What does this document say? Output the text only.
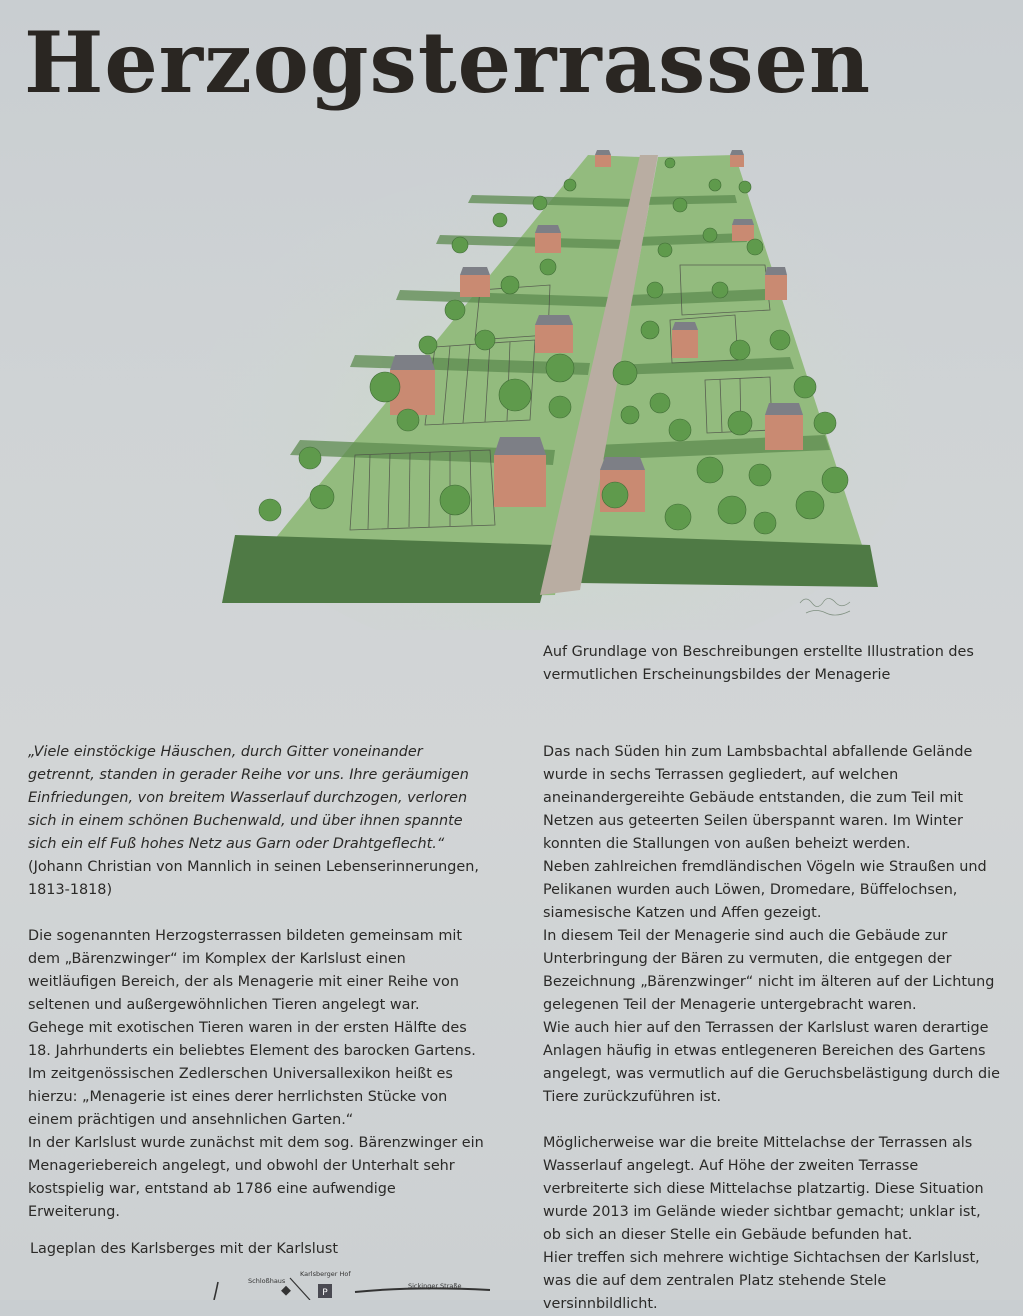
Herzogsterrassen

Auf Grundlage von Beschreibungen erstellte Illustration des vermutlichen Erscheinungsbildes der Menagerie

„Viele einstöckige Häuschen, durch Gitter voneinander getrennt, standen in gerader Reihe vor uns. Ihre geräumigen Einfriedungen, von breitem Wasserlauf durchzogen, verloren sich in einem schönen Buchenwald, und über ihnen spannte sich ein elf Fuß hohes Netz aus Garn oder Drahtgeflecht.“

(Johann Christian von Mannlich in seinen Lebenserinnerungen, 1813-1818)

Die sogenannten Herzogsterrassen bildeten gemeinsam mit dem „Bärenzwinger“ im Komplex der Karlslust einen weitläufigen Bereich, der als Menagerie mit einer Reihe von seltenen und außergewöhnlichen Tieren angelegt war.

Gehege mit exotischen Tieren waren in der ersten Hälfte des 18. Jahrhunderts ein beliebtes Element des barocken Gartens. Im zeitgenössischen Zedlerschen Universallexikon heißt es hierzu: „Menagerie ist eines derer herrlichsten Stücke von einem prächtigen und ansehnlichen Garten.“

In der Karlslust wurde zunächst mit dem sog. Bärenzwinger ein Menageriebereich angelegt, und obwohl der Unterhalt sehr kostspielig war, entstand ab 1786 eine aufwendige Erweiterung.

Das nach Süden hin zum Lambsbachtal abfallende Gelände wurde in sechs Terrassen gegliedert, auf welchen aneinandergereihte Gebäude entstanden, die zum Teil mit Netzen aus geteerten Seilen überspannt waren. Im Winter konnten die Stallungen von außen beheizt werden.

Neben zahlreichen fremdländischen Vögeln wie Straußen und Pelikanen wurden auch Löwen, Dromedare, Büffelochsen, siamesische Katzen und Affen gezeigt.

In diesem Teil der Menagerie sind auch die Gebäude zur Unterbringung der Bären zu vermuten, die entgegen der Bezeichnung „Bärenzwinger“ nicht im älteren auf der Lichtung gelegenen Teil der Menagerie untergebracht waren.

Wie auch hier auf den Terrassen der Karlslust waren derartige Anlagen häufig in etwas entlegeneren Bereichen des Gartens angelegt, was vermutlich auf die Geruchsbelästigung durch die Tiere zurückzuführen ist.

Möglicherweise war die breite Mittelachse der Terrassen als Wasserlauf angelegt. Auf Höhe der zweiten Terrasse verbreiterte sich diese Mittelachse platzartig. Diese Situation wurde 2013 im Gelände wieder sichtbar gemacht; unklar ist, ob sich an dieser Stelle ein Gebäude befunden hat.

Hier treffen sich mehrere wichtige Sichtachsen der Karlslust, was die auf dem zentralen Platz stehende Stele versinnbildlicht.

Lageplan des Karlsberges mit der Karlslust

P
Schloßhaus
Karlsberger Hof
Sickinger Straße
